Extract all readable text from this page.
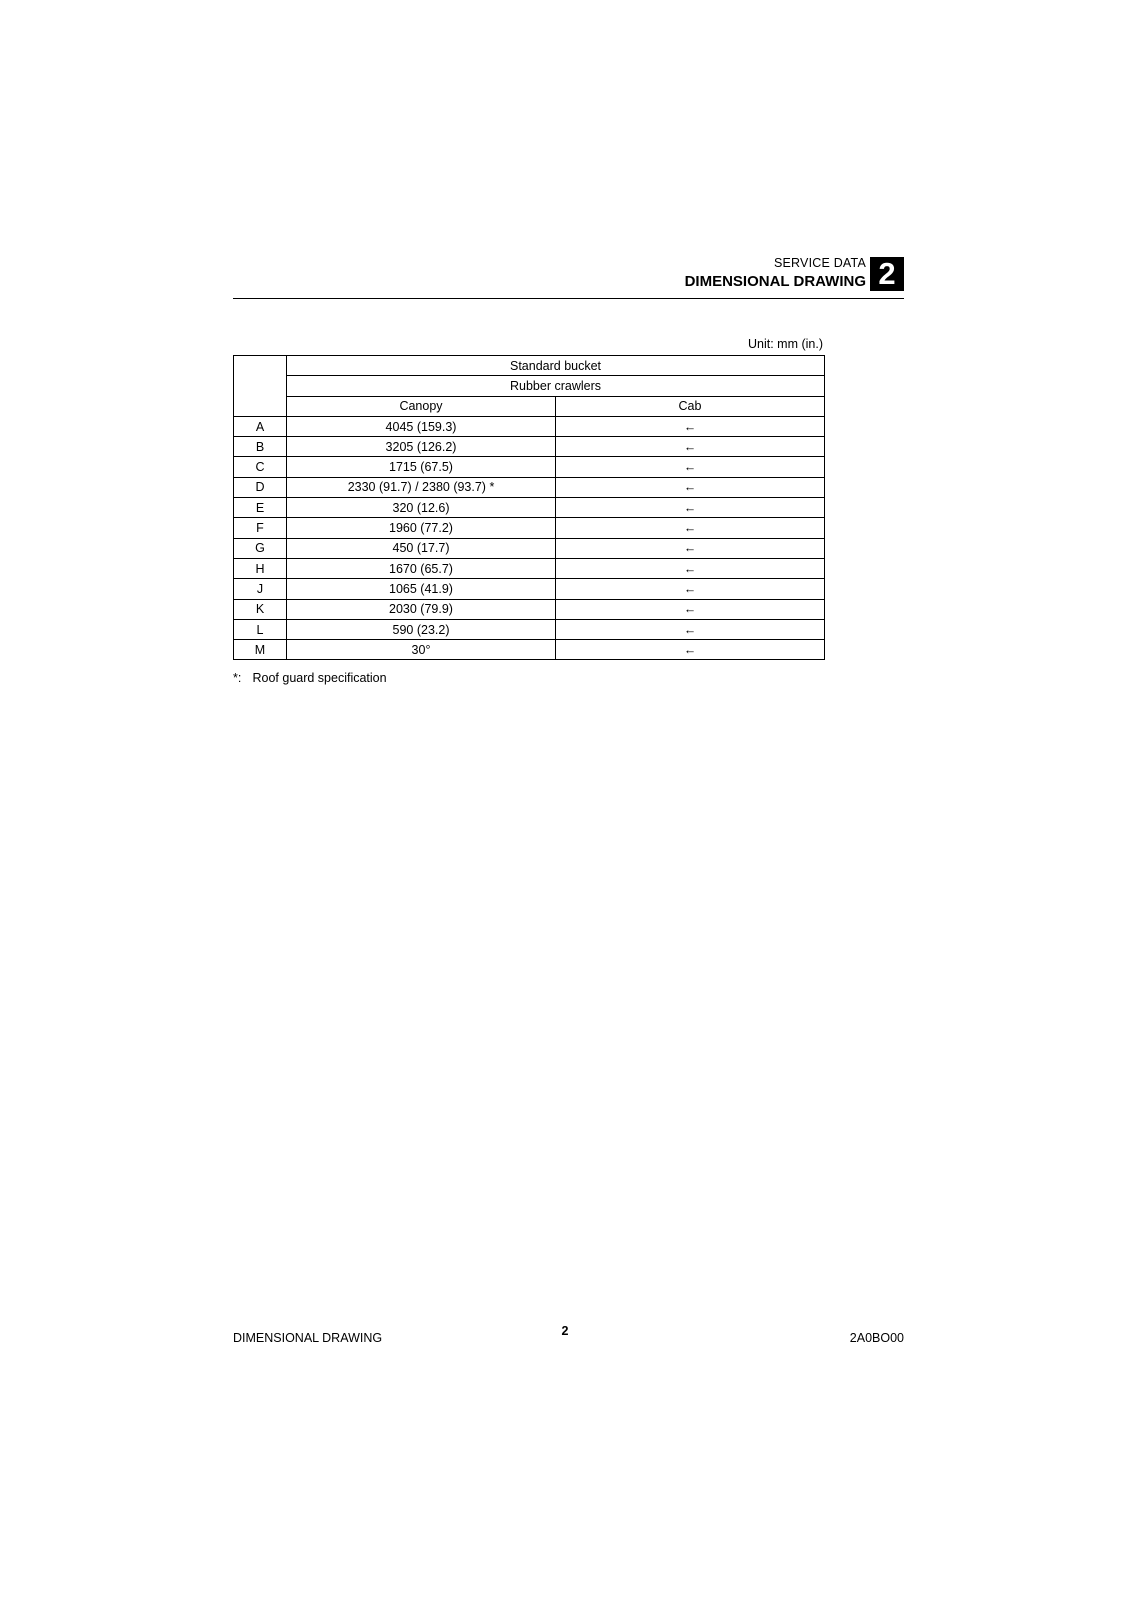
SERVICE DATA
DIMENSIONAL DRAWING 2
Unit: mm (in.)
	Standard bucket	
	Rubber crawlers	
	Canopy	Cab
A	4045 (159.3)	←
B	3205 (126.2)	←
C	1715 (67.5)	←
D	2330 (91.7) / 2380 (93.7) *	←
E	320 (12.6)	←
F	1960 (77.2)	←
G	450 (17.7)	←
H	1670 (65.7)	←
J	1065 (41.9)	←
K	2030 (79.9)	←
L	590 (23.2)	←
M	30°	←
*: Roof guard specification
DIMENSIONAL DRAWING	2	2A0BO00
